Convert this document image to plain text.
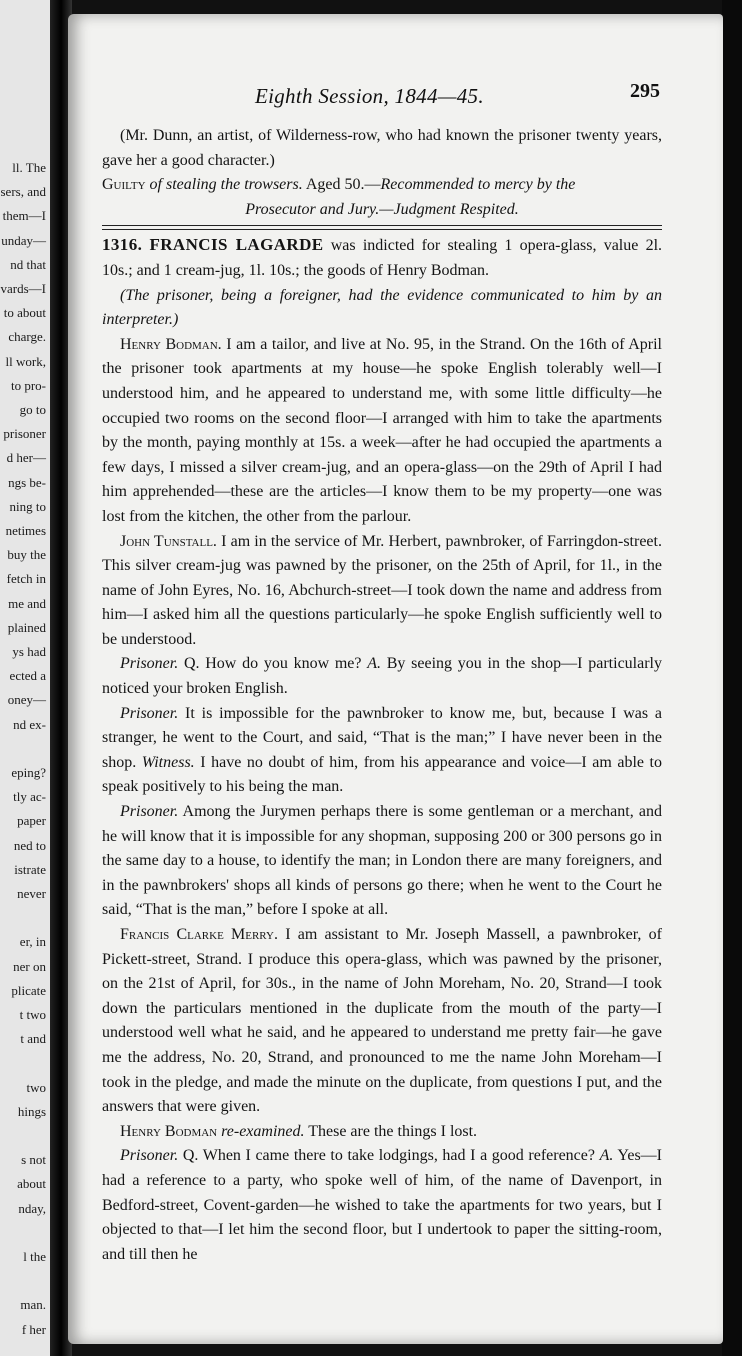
ll. The
sers, and
them—I
unday—
nd that
vards—I
to about
charge.
ll work,
to pro-
go to
prisoner
d her—
ngs be-
ning to
netimes
buy the
fetch in
me and
plained
ys had
ected a
oney—
nd ex-
eping?
tly ac-
paper
ned to
istrate
never
er, in
ner on
plicate
t two
t and
two
hings
s not
about
nday,
l the
man.
f her
Eighth Session, 1844—45.	295

(Mr. Dunn, an artist, of Wilderness-row, who had known the prisoner twenty years, gave her a good character.)

Guilty of stealing the trowsers. Aged 50.—Recommended to mercy by the

Prosecutor and Jury.—Judgment Respited.

1316. FRANCIS LAGARDE was indicted for stealing 1 opera-glass, value 2l. 10s.; and 1 cream-jug, 1l. 10s.; the goods of Henry Bodman.

(The prisoner, being a foreigner, had the evidence communicated to him by an interpreter.)

Henry Bodman. I am a tailor, and live at No. 95, in the Strand. On the 16th of April the prisoner took apartments at my house—he spoke English tolerably well—I understood him, and he appeared to understand me, with some little difficulty—he occupied two rooms on the second floor—I arranged with him to take the apartments by the month, paying monthly at 15s. a week—after he had occupied the apartments a few days, I missed a silver cream-jug, and an opera-glass—on the 29th of April I had him apprehended—these are the articles—I know them to be my property—one was lost from the kitchen, the other from the parlour.

John Tunstall. I am in the service of Mr. Herbert, pawnbroker, of Farringdon-street. This silver cream-jug was pawned by the prisoner, on the 25th of April, for 1l., in the name of John Eyres, No. 16, Abchurch-street—I took down the name and address from him—I asked him all the questions particularly—he spoke English sufficiently well to be understood.

Prisoner. Q. How do you know me? A. By seeing you in the shop—I particularly noticed your broken English.

Prisoner. It is impossible for the pawnbroker to know me, but, because I was a stranger, he went to the Court, and said, “That is the man;” I have never been in the shop. Witness. I have no doubt of him, from his appearance and voice—I am able to speak positively to his being the man.

Prisoner. Among the Jurymen perhaps there is some gentleman or a merchant, and he will know that it is impossible for any shopman, supposing 200 or 300 persons go in the same day to a house, to identify the man; in London there are many foreigners, and in the pawnbrokers' shops all kinds of persons go there; when he went to the Court he said, “That is the man,” before I spoke at all.

Francis Clarke Merry. I am assistant to Mr. Joseph Massell, a pawnbroker, of Pickett-street, Strand. I produce this opera-glass, which was pawned by the prisoner, on the 21st of April, for 30s., in the name of John Moreham, No. 20, Strand—I took down the particulars mentioned in the duplicate from the mouth of the party—I understood well what he said, and he appeared to understand me pretty fair—he gave me the address, No. 20, Strand, and pronounced to me the name John Moreham—I took in the pledge, and made the minute on the duplicate, from questions I put, and the answers that were given.

Henry Bodman re-examined. These are the things I lost.

Prisoner. Q. When I came there to take lodgings, had I a good reference? A. Yes—I had a reference to a party, who spoke well of him, of the name of Davenport, in Bedford-street, Covent-garden—he wished to take the apartments for two years, but I objected to that—I let him the second floor, but I undertook to paper the sitting-room, and till then he
